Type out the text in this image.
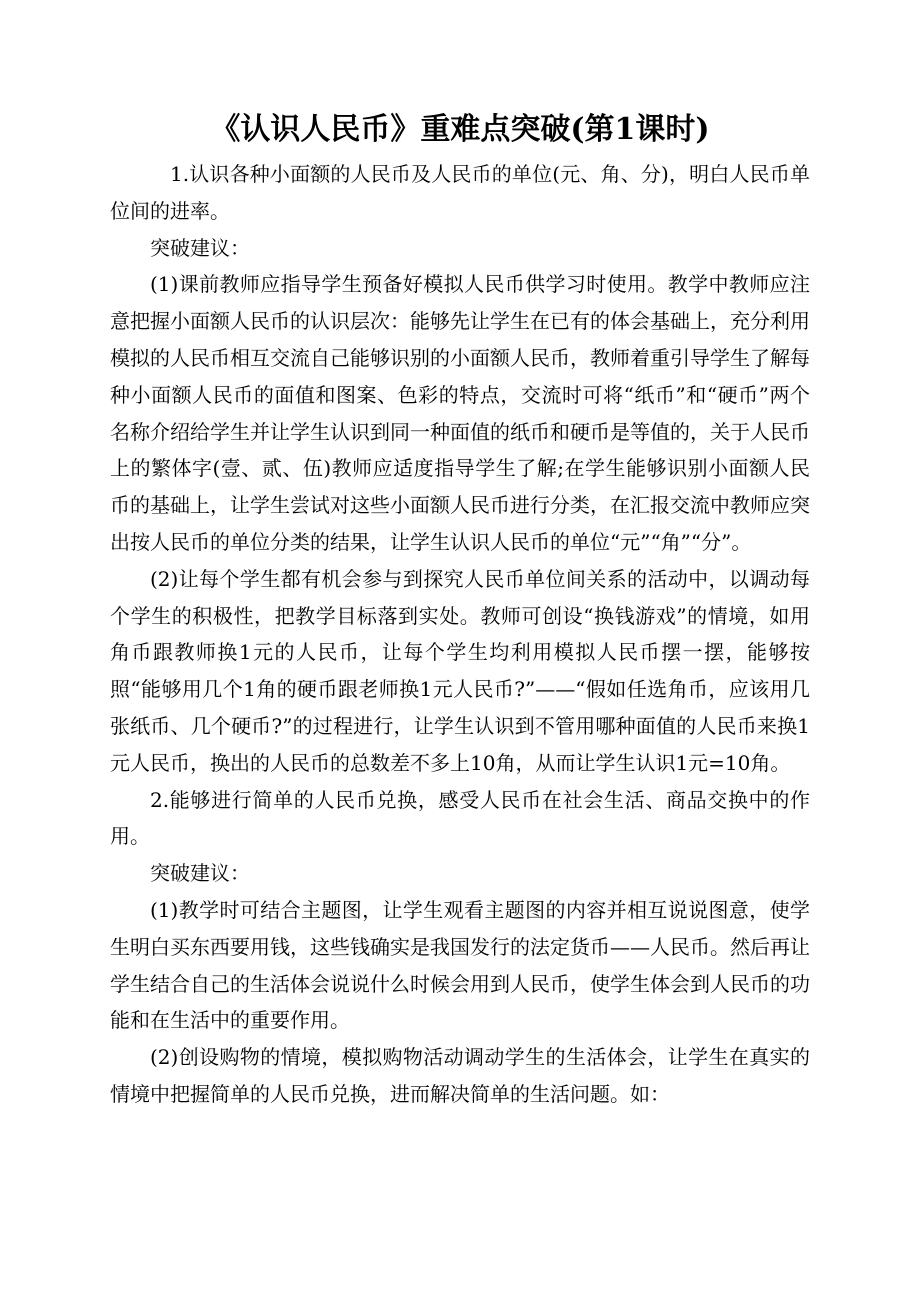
《认识人民币》重难点突破(第1课时)

1.认识各种小面额的人民币及人民币的单位(元、角、分)，明白人民币单位间的进率。

突破建议：

(1)课前教师应指导学生预备好模拟人民币供学习时使用。教学中教师应注意把握小面额人民币的认识层次：能够先让学生在已有的体会基础上，充分利用模拟的人民币相互交流自己能够识别的小面额人民币，教师着重引导学生了解每种小面额人民币的面值和图案、色彩的特点，交流时可将“纸币”和“硬币”两个名称介绍给学生并让学生认识到同一种面值的纸币和硬币是等值的，关于人民币上的繁体字(壹、贰、伍)教师应适度指导学生了解;在学生能够识别小面额人民币的基础上，让学生尝试对这些小面额人民币进行分类，在汇报交流中教师应突出按人民币的单位分类的结果，让学生认识人民币的单位“元”“角”“分”。

(2)让每个学生都有机会参与到探究人民币单位间关系的活动中，以调动每个学生的积极性，把教学目标落到实处。教师可创设“换钱游戏”的情境，如用角币跟教师换1元的人民币，让每个学生均利用模拟人民币摆一摆，能够按照“能够用几个1角的硬币跟老师换1元人民币?”——“假如任选角币，应该用几张纸币、几个硬币?”的过程进行，让学生认识到不管用哪种面值的人民币来换1元人民币，换出的人民币的总数差不多上10角，从而让学生认识1元=10角。

2.能够进行简单的人民币兑换，感受人民币在社会生活、商品交换中的作用。

突破建议：

(1)教学时可结合主题图，让学生观看主题图的内容并相互说说图意，使学生明白买东西要用钱，这些钱确实是我国发行的法定货币——人民币。然后再让学生结合自己的生活体会说说什么时候会用到人民币，使学生体会到人民币的功能和在生活中的重要作用。

(2)创设购物的情境，模拟购物活动调动学生的生活体会，让学生在真实的情境中把握简单的人民币兑换，进而解决简单的生活问题。如：
